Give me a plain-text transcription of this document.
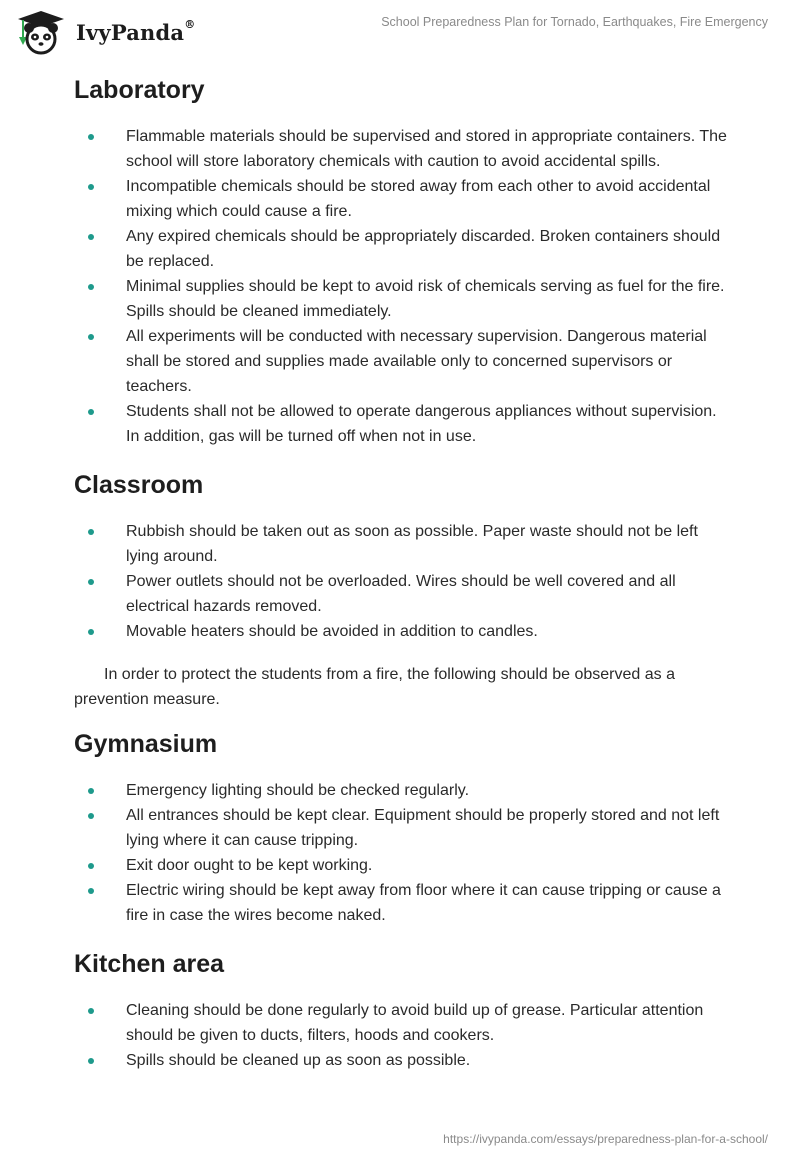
IvyPanda®	School Preparedness Plan for Tornado, Earthquakes, Fire Emergency
Laboratory
Flammable materials should be supervised and stored in appropriate containers. The school will store laboratory chemicals with caution to avoid accidental spills.
Incompatible chemicals should be stored away from each other to avoid accidental mixing which could cause a fire.
Any expired chemicals should be appropriately discarded. Broken containers should be replaced.
Minimal supplies should be kept to avoid risk of chemicals serving as fuel for the fire. Spills should be cleaned immediately.
All experiments will be conducted with necessary supervision. Dangerous material shall be stored and supplies made available only to concerned supervisors or teachers.
Students shall not be allowed to operate dangerous appliances without supervision. In addition, gas will be turned off when not in use.
Classroom
Rubbish should be taken out as soon as possible. Paper waste should not be left lying around.
Power outlets should not be overloaded. Wires should be well covered and all electrical hazards removed.
Movable heaters should be avoided in addition to candles.

In order to protect the students from a fire, the following should be observed as a prevention measure.

Gymnasium
Emergency lighting should be checked regularly.
All entrances should be kept clear. Equipment should be properly stored and not left lying where it can cause tripping.
Exit door ought to be kept working.
Electric wiring should be kept away from floor where it can cause tripping or cause a fire in case the wires become naked.
Kitchen area
Cleaning should be done regularly to avoid build up of grease. Particular attention should be given to ducts, filters, hoods and cookers.
Spills should be cleaned up as soon as possible.
https://ivypanda.com/essays/preparedness-plan-for-a-school/
